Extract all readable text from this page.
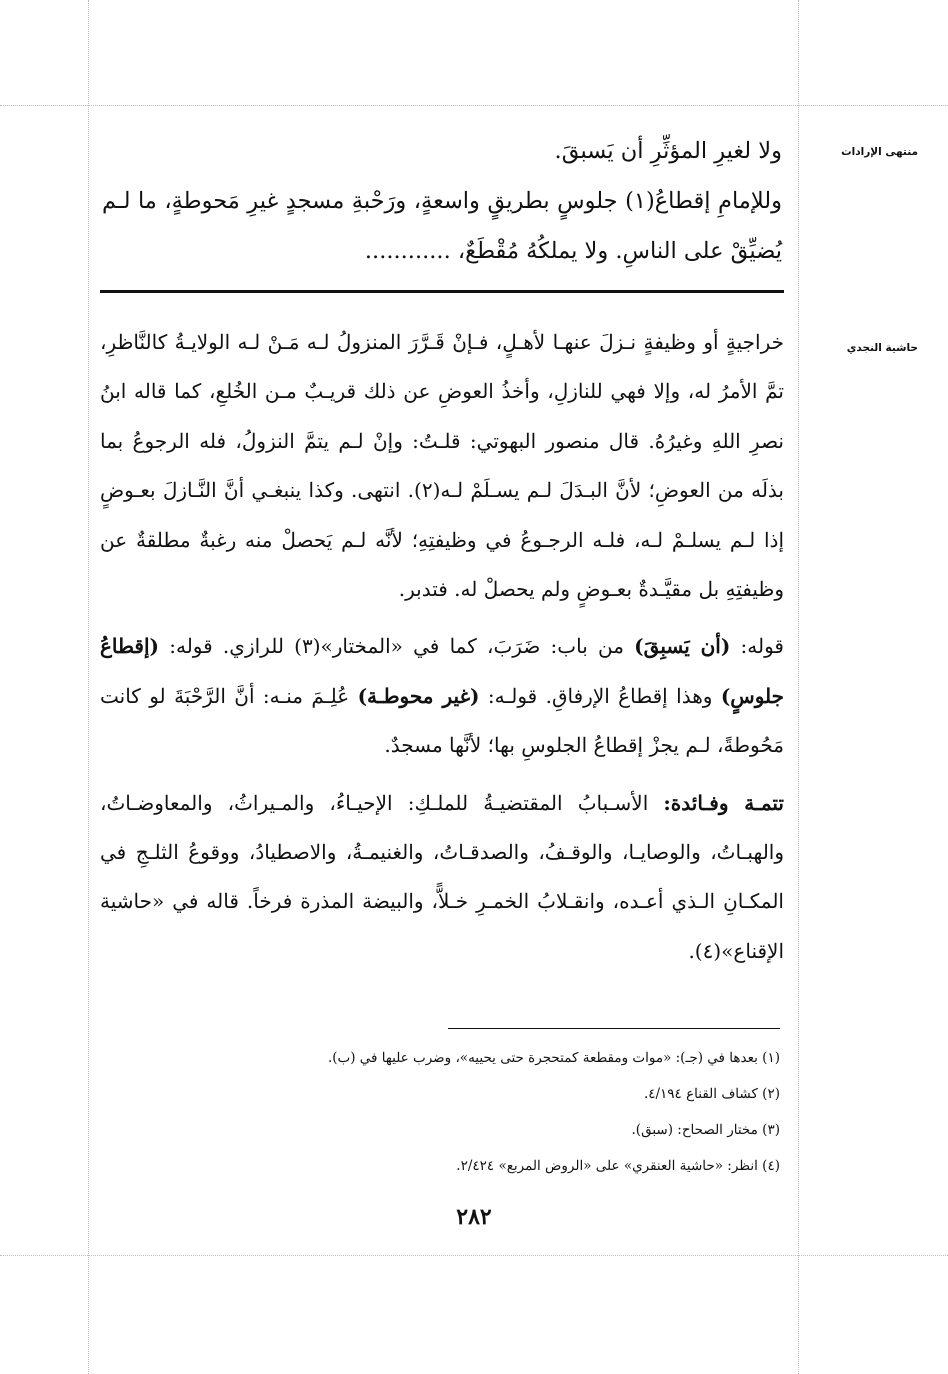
منتهى الإرادات
حاشية النجدي

ولا لغيرِ المؤثِّرِ أن يَسبقَ.

وللإمامِ إقطاعُ(١) جلوسٍ بطريقٍ واسعةٍ، ورَحْبةِ مسجدٍ غيرِ مَحوطةٍ، ما لـم يُضيِّقْ على الناسِ. ولا يملكُهُ مُقْطَعٌ، ............

خراجيةٍ أو وظيفةٍ نـزلَ عنهـا لأهـلٍ، فـإنْ قَـرَّرَ المنزولُ لـه مَـنْ لـه الولايـةُ كالنَّاظرِ، تمَّ الأمرُ له، وإلا فهي للنازلِ، وأخذُ العوضِ عن ذلك قريـبٌ مـن الخُلعِ، كما قاله ابنُ نصرِ اللهِ وغيرُهُ. قال منصور البهوتي: قلـتُ: وإنْ لـم يتمَّ النزولُ، فله الرجوعُ بما بذلَه من العوضِ؛ لأنَّ البـدَلَ لـم يسـلَمْ لـه(٢). انتهى. وكذا ينبغـي أنَّ النَّـازلَ بعـوضٍ إذا لـم يسلـمْ لـه، فلـه الرجـوعُ في وظيفتِهِ؛ لأنَّه لـم يَحصلْ منه رغبةٌ مطلقةٌ عن وظيفتِهِ بل مقيَّـدةٌ بعـوضٍ ولم يحصلْ له. فتدبر.

قوله: (أن يَسبِقَ) من باب: ضَرَبَ، كما في «المختار»(٣) للرازي. قوله: (إقطاعُ جلوسٍ) وهذا إقطاعُ الإرفاقِ. قولـه: (غير محوطـة) عُلِـمَ منـه: أنَّ الرَّحْبَةَ لو كانت مَحُوطةً، لـم يجزْ إقطاعُ الجلوسِ بها؛ لأنَّها مسجدٌ.

تتمـة وفـائدة: الأسـبابُ المقتضيـةُ للملـكِ: الإحيـاءُ، والمـيراثُ، والمعاوضـاتُ، والهبـاتُ، والوصايـا، والوقـفُ، والصدقـاتُ، والغنيمـةُ، والاصطيادُ، ووقوعُ الثلـجِ في المكـانِ الـذي أعـده، وانقـلابُ الخمـرِ خـلاًّ، والبيضة المذرة فرخاً. قاله في «حاشية الإقناع»(٤).

(١) بعدها في (جـ): «موات ومقطعة كمتحجرة حتى يحييه»، وضرب عليها في (ب).
(٢) كشاف القناع ٤/١٩٤.
(٣) مختار الصحاح: (سبق).
(٤) انظر: «حاشية العنقري» على «الروض المربع» ٢/٤٢٤.
٢٨٢
